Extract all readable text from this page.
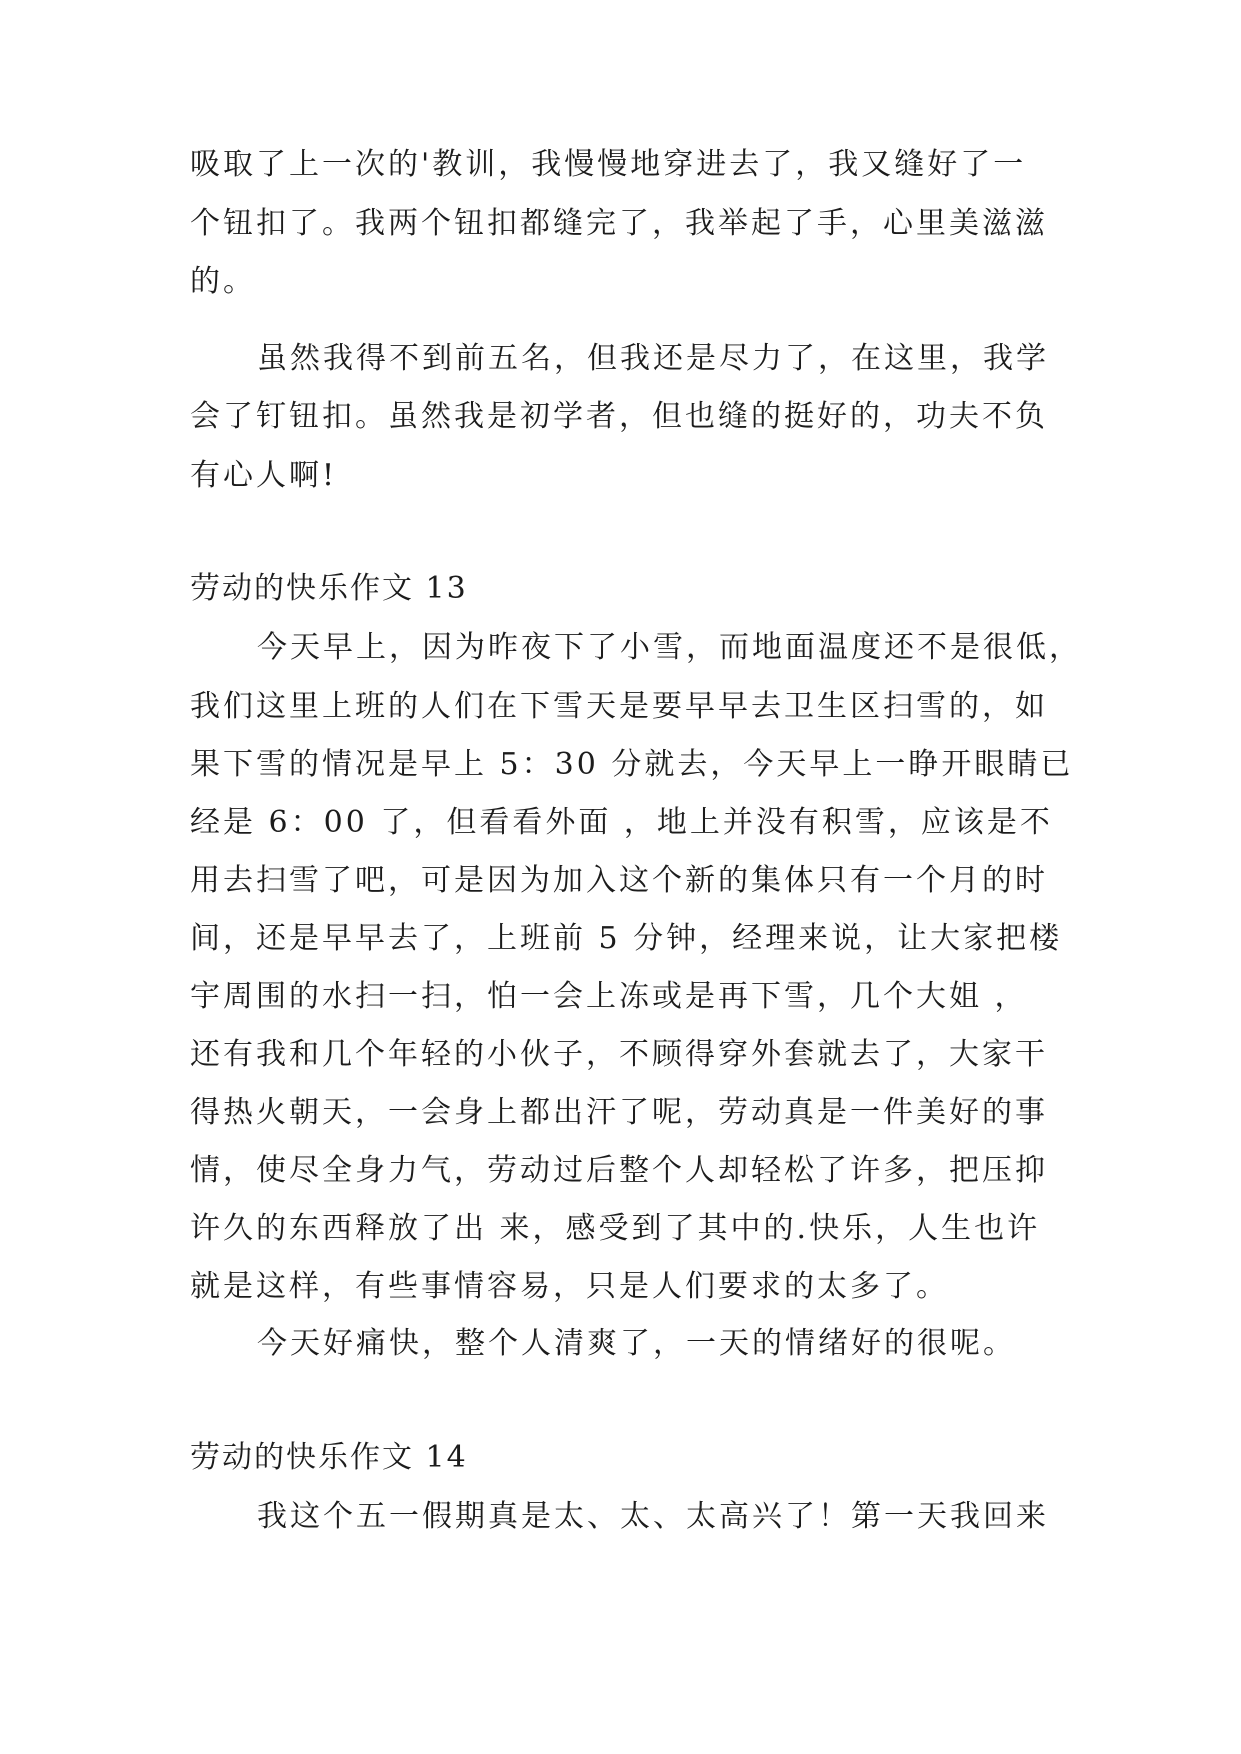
吸取了上一次的'教训，我慢慢地穿进去了，我又缝好了一
个钮扣了。我两个钮扣都缝完了，我举起了手，心里美滋滋
的。
虽然我得不到前五名，但我还是尽力了，在这里，我学
会了钉钮扣。虽然我是初学者，但也缝的挺好的，功夫不负
有心人啊!
劳动的快乐作文 13
今天早上，因为昨夜下了小雪，而地面温度还不是很低，
我们这里上班的人们在下雪天是要早早去卫生区扫雪的，如
果下雪的情况是早上 5：30 分就去，今天早上一睁开眼睛已
经是 6：00 了，但看看外面 ，地上并没有积雪，应该是不
用去扫雪了吧，可是因为加入这个新的集体只有一个月的时
间，还是早早去了，上班前 5 分钟，经理来说，让大家把楼
宇周围的水扫一扫，怕一会上冻或是再下雪，几个大姐 ，
还有我和几个年轻的小伙子，不顾得穿外套就去了，大家干
得热火朝天，一会身上都出汗了呢，劳动真是一件美好的事
情，使尽全身力气，劳动过后整个人却轻松了许多，把压抑
许久的东西释放了出 来，感受到了其中的.快乐，人生也许
就是这样，有些事情容易，只是人们要求的太多了。
今天好痛快，整个人清爽了，一天的情绪好的很呢。
劳动的快乐作文 14
我这个五一假期真是太、太、太高兴了！第一天我回来
